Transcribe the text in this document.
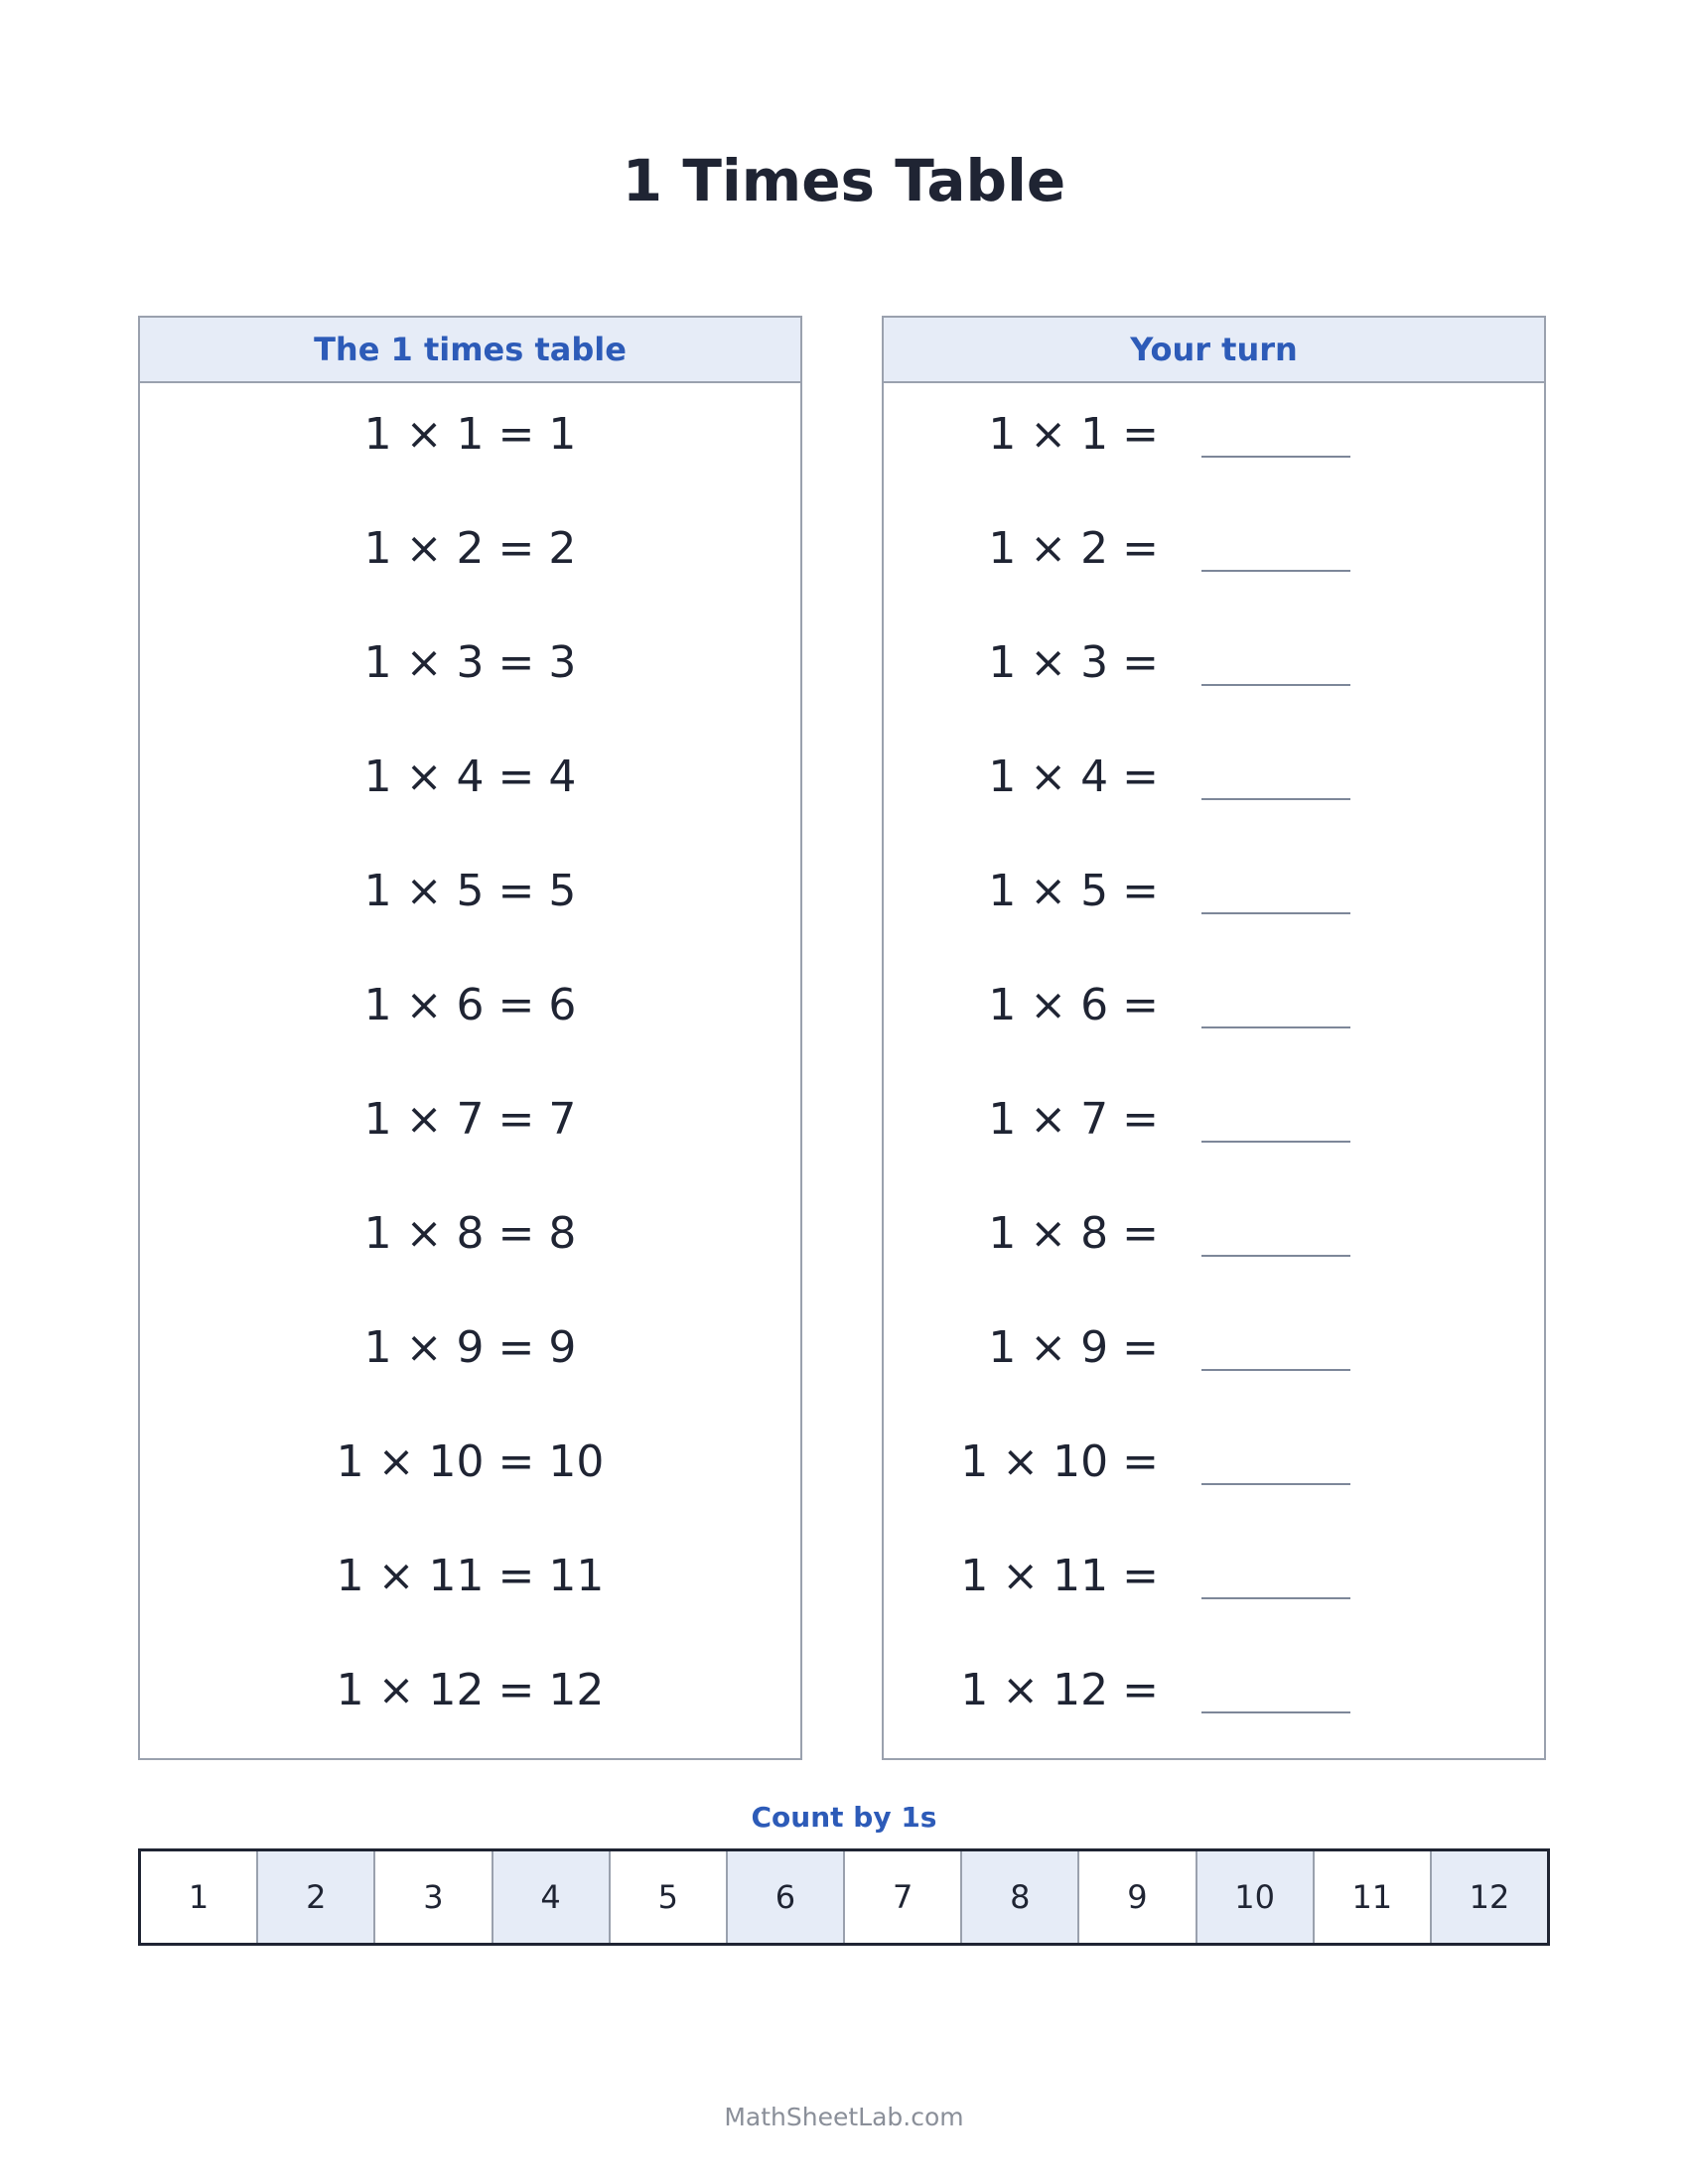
1 Times Table
The 1 times table
1 × 1 = 1
1 × 2 = 2
1 × 3 = 3
1 × 4 = 4
1 × 5 = 5
1 × 6 = 6
1 × 7 = 7
1 × 8 = 8
1 × 9 = 9
1 × 10 = 10
1 × 11 = 11
1 × 12 = 12
Your turn
1 × 1 =
1 × 2 =
1 × 3 =
1 × 4 =
1 × 5 =
1 × 6 =
1 × 7 =
1 × 8 =
1 × 9 =
1 × 10 =
1 × 11 =
1 × 12 =
Count by 1s
1	2	3	4	5	6	7	8	9	10	11	12
MathSheetLab.com
